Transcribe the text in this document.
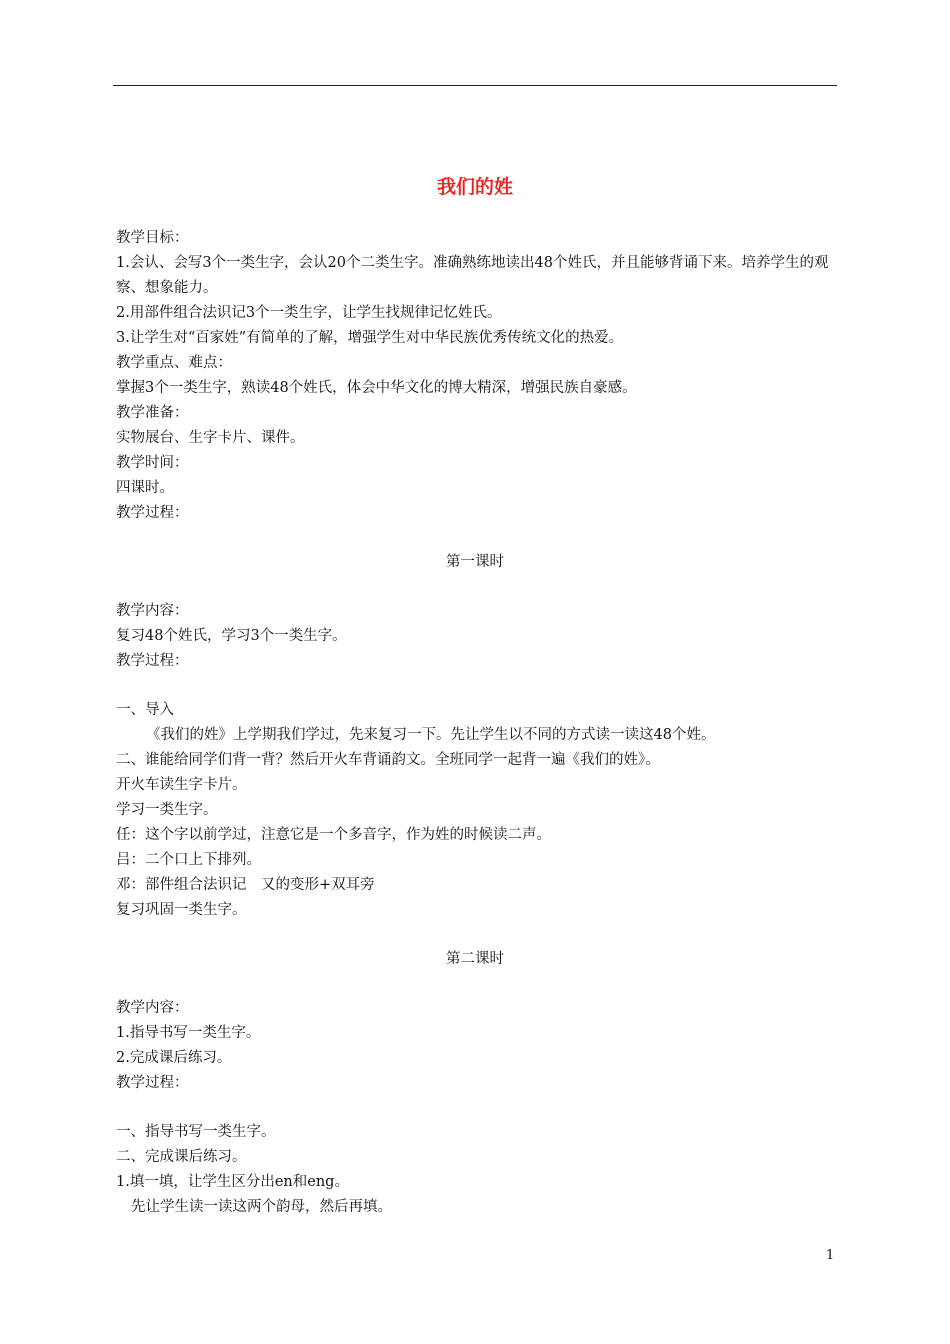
我们的姓
教学目标：
1.会认、会写3个一类生字，会认20个二类生字。准确熟练地读出48个姓氏，并且能够背诵下来。培养学生的观察、想象能力。
2.用部件组合法识记3个一类生字，让学生找规律记忆姓氏。
3.让学生对“百家姓”有简单的了解，增强学生对中华民族优秀传统文化的热爱。
教学重点、难点：
掌握3个一类生字，熟读48个姓氏，体会中华文化的博大精深，增强民族自豪感。
教学准备：
实物展台、生字卡片、课件。
教学时间：
四课时。
教学过程：
第一课时
教学内容：
复习48个姓氏，学习3个一类生字。
教学过程：
一、导入
《我们的姓》上学期我们学过，先来复习一下。先让学生以不同的方式读一读这48个姓。
二、谁能给同学们背一背？然后开火车背诵韵文。全班同学一起背一遍《我们的姓》。
开火车读生字卡片。
学习一类生字。
任：这个字以前学过，注意它是一个多音字，作为姓的时候读二声。
吕：二个口上下排列。
邓：部件组合法识记　又的变形+双耳旁
复习巩固一类生字。
第二课时
教学内容：
1.指导书写一类生字。
2.完成课后练习。
教学过程：
一、指导书写一类生字。
二、完成课后练习。
1.填一填，让学生区分出en和eng。
先让学生读一读这两个韵母，然后再填。
1
